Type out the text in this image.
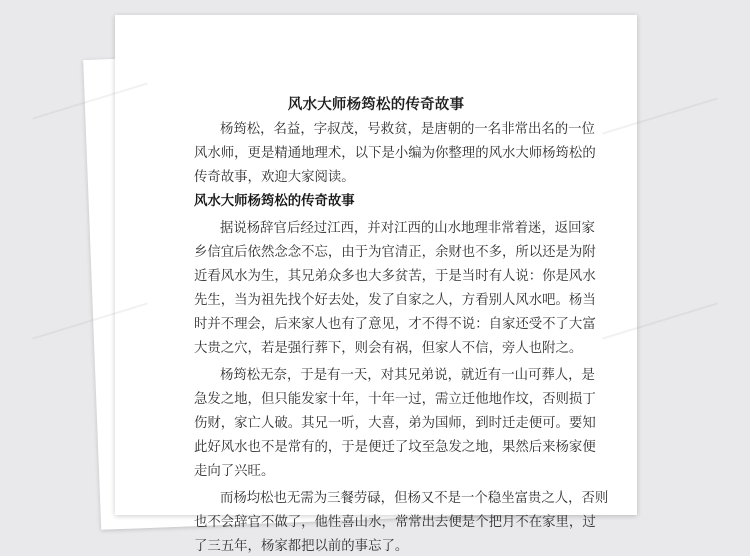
风水大师杨筠松的传奇故事
杨筠松，名益，字叔茂，号救贫，是唐朝的一名非常出名的一位
风水师，更是精通地理术，以下是小编为你整理的风水大师杨筠松的
传奇故事，欢迎大家阅读。
风水大师杨筠松的传奇故事
据说杨辞官后经过江西，并对江西的山水地理非常着迷，返回家
乡信宜后依然念念不忘，由于为官清正，余财也不多，所以还是为附
近看风水为生，其兄弟众多也大多贫苦，于是当时有人说：你是风水
先生，当为祖先找个好去处，发了自家之人，方看别人风水吧。杨当
时并不理会，后来家人也有了意见，才不得不说：自家还受不了大富
大贵之穴，若是强行葬下，则会有祸，但家人不信，旁人也附之。
杨筠松无奈，于是有一天，对其兄弟说，就近有一山可葬人，是
急发之地，但只能发家十年，十年一过，需立迁他地作坟，否则损丁
伤财，家亡人破。其兄一听，大喜，弟为国师，到时迁走便可。要知
此好风水也不是常有的，于是便迁了坟至急发之地，果然后来杨家便
走向了兴旺。
而杨均松也无需为三餐劳碌，但杨又不是一个稳坐富贵之人，否则
也不会辞官不做了，他性喜山水，常常出去便是个把月不在家里，过
了三五年，杨家都把以前的事忘了。
